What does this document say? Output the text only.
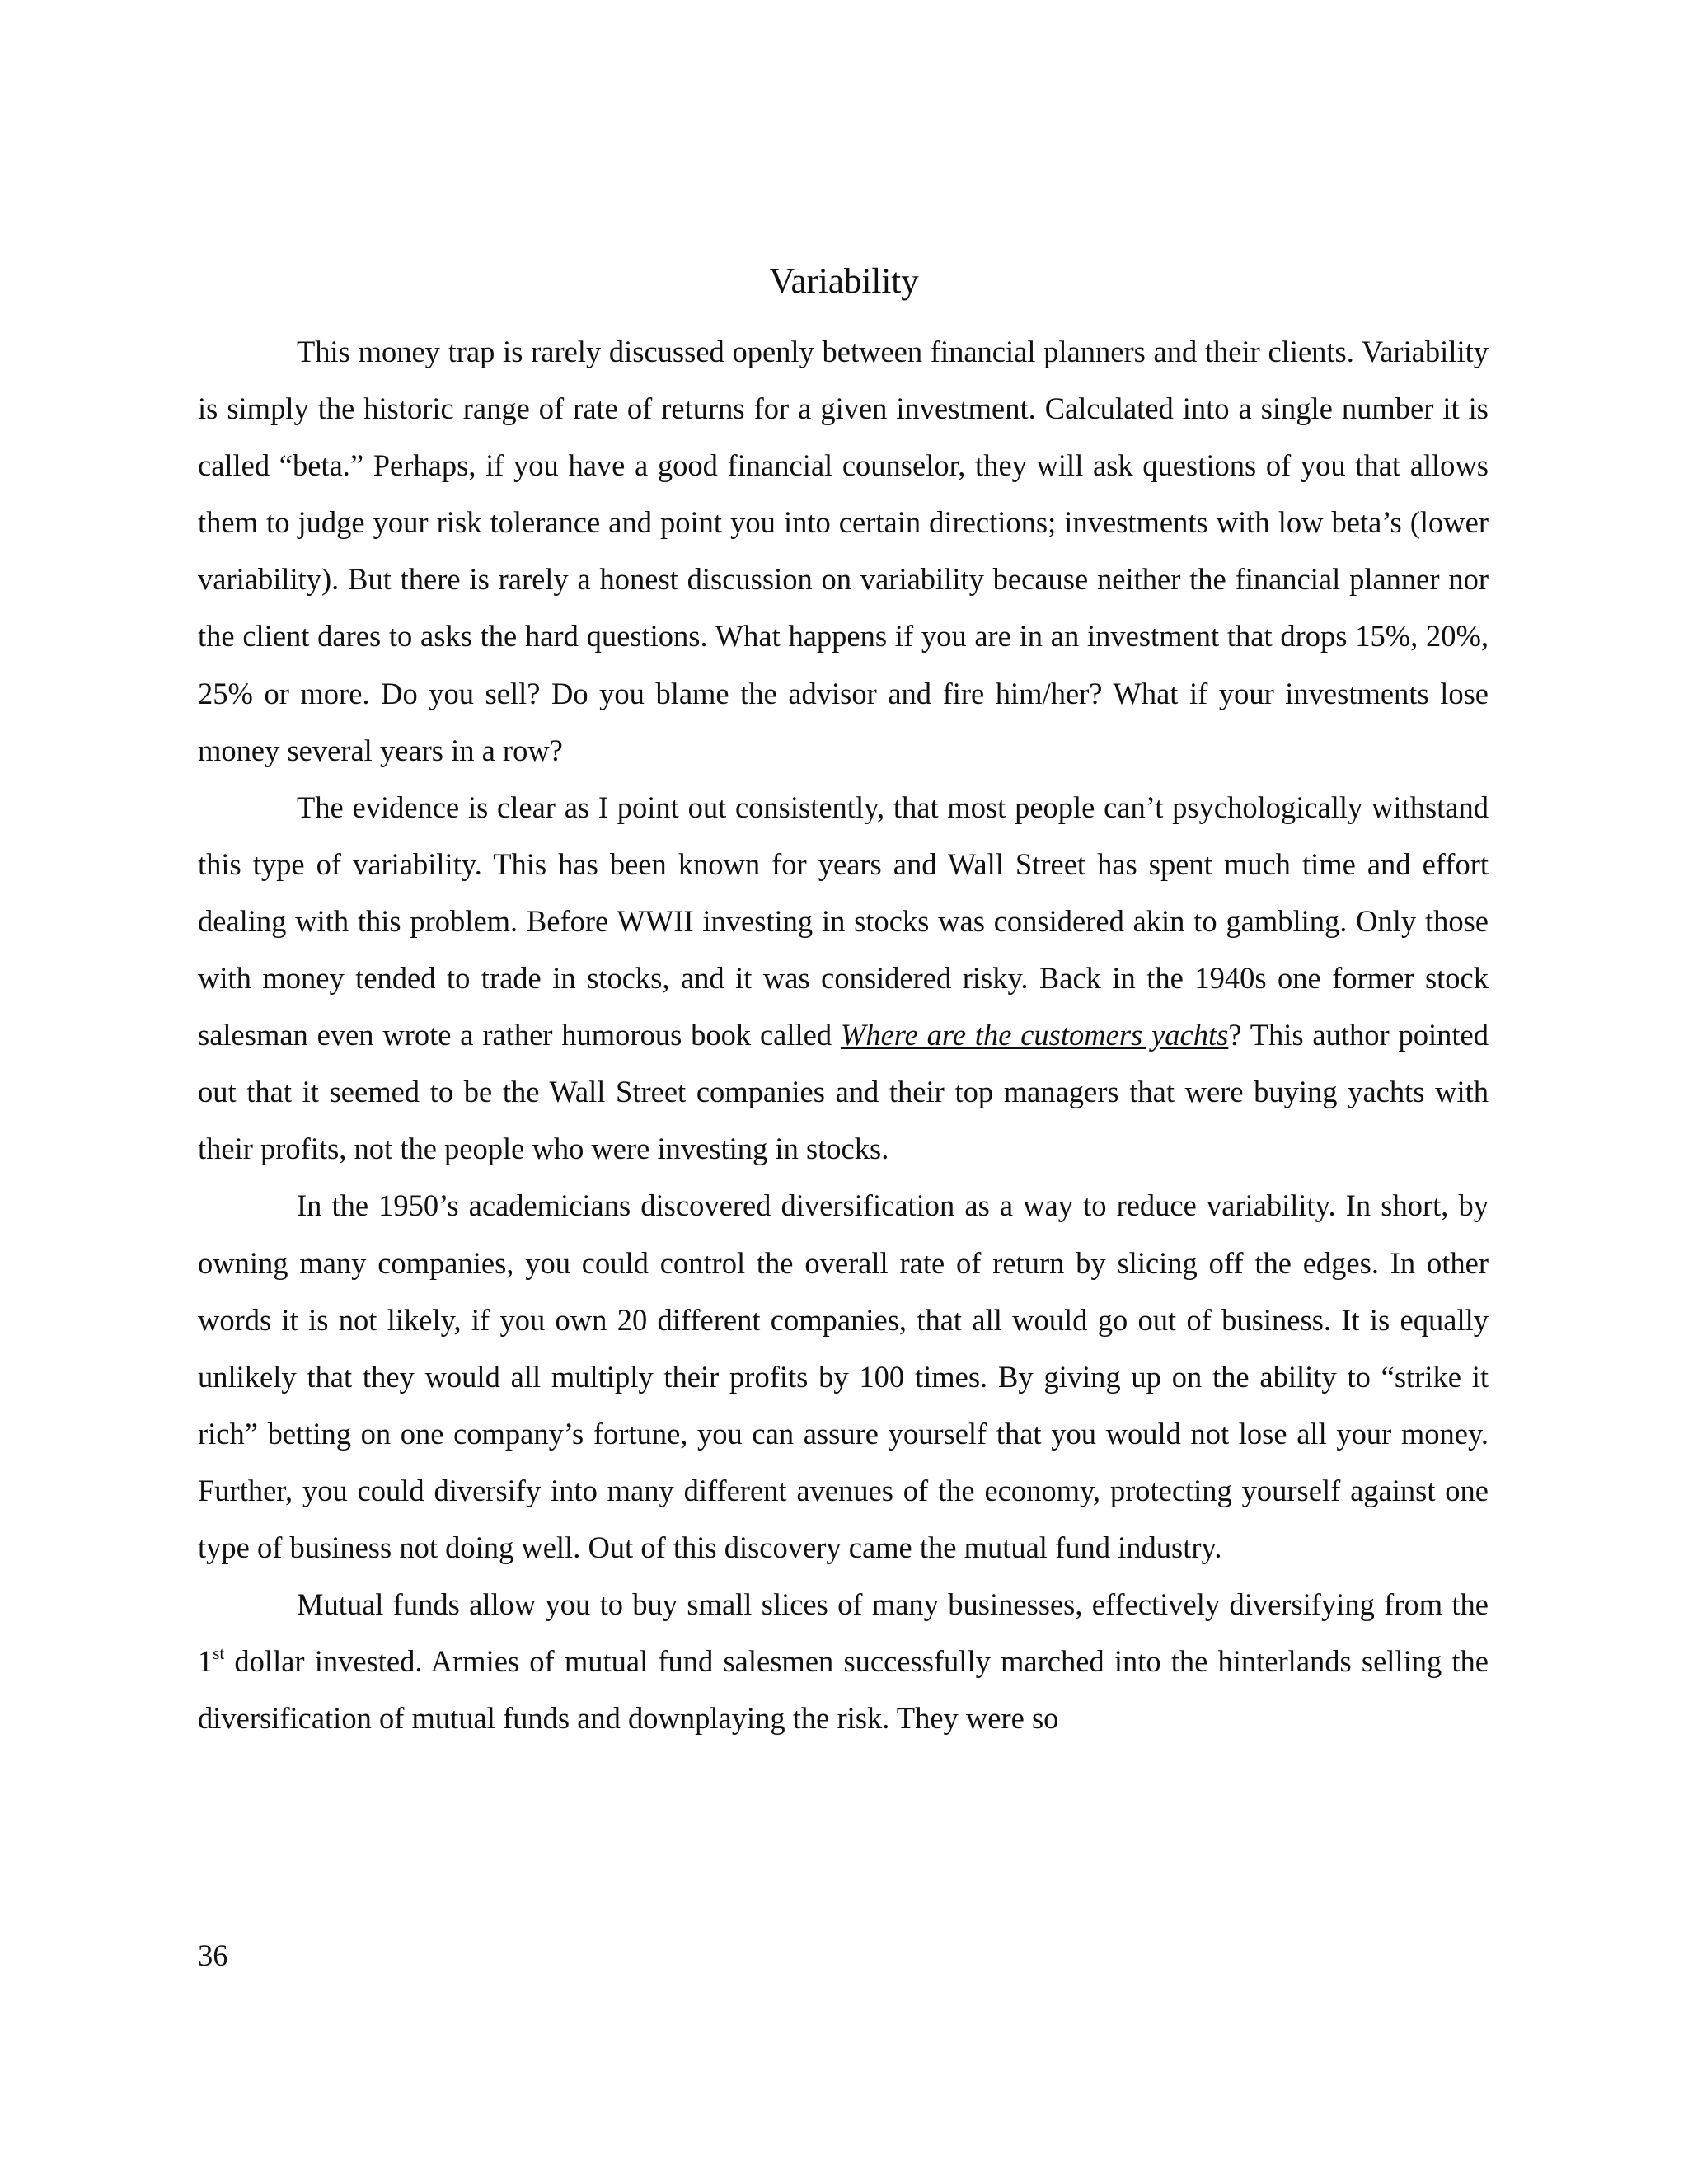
Variability

This money trap is rarely discussed openly between financial planners and their clients. Variability is simply the historic range of rate of returns for a given investment. Calculated into a single number it is called “beta.” Perhaps, if you have a good financial counselor, they will ask questions of you that allows them to judge your risk tolerance and point you into certain directions; investments with low beta’s (lower variability). But there is rarely a honest discussion on variability because neither the financial planner nor the client dares to asks the hard questions. What happens if you are in an investment that drops 15%, 20%, 25% or more. Do you sell? Do you blame the advisor and fire him/her? What if your investments lose money several years in a row?

The evidence is clear as I point out consistently, that most people can’t psychologically withstand this type of variability. This has been known for years and Wall Street has spent much time and effort dealing with this problem. Before WWII investing in stocks was considered akin to gambling. Only those with money tended to trade in stocks, and it was considered risky. Back in the 1940s one former stock salesman even wrote a rather humorous book called Where are the customers yachts? This author pointed out that it seemed to be the Wall Street companies and their top managers that were buying yachts with their profits, not the people who were investing in stocks.

In the 1950’s academicians discovered diversification as a way to reduce variability. In short, by owning many companies, you could control the overall rate of return by slicing off the edges. In other words it is not likely, if you own 20 different companies, that all would go out of business. It is equally unlikely that they would all multiply their profits by 100 times. By giving up on the ability to “strike it rich” betting on one company’s fortune, you can assure yourself that you would not lose all your money. Further, you could diversify into many different avenues of the economy, protecting yourself against one type of business not doing well. Out of this discovery came the mutual fund industry.

Mutual funds allow you to buy small slices of many businesses, effectively diversifying from the 1st dollar invested. Armies of mutual fund salesmen successfully marched into the hinterlands selling the diversification of mutual funds and downplaying the risk. They were so

36
